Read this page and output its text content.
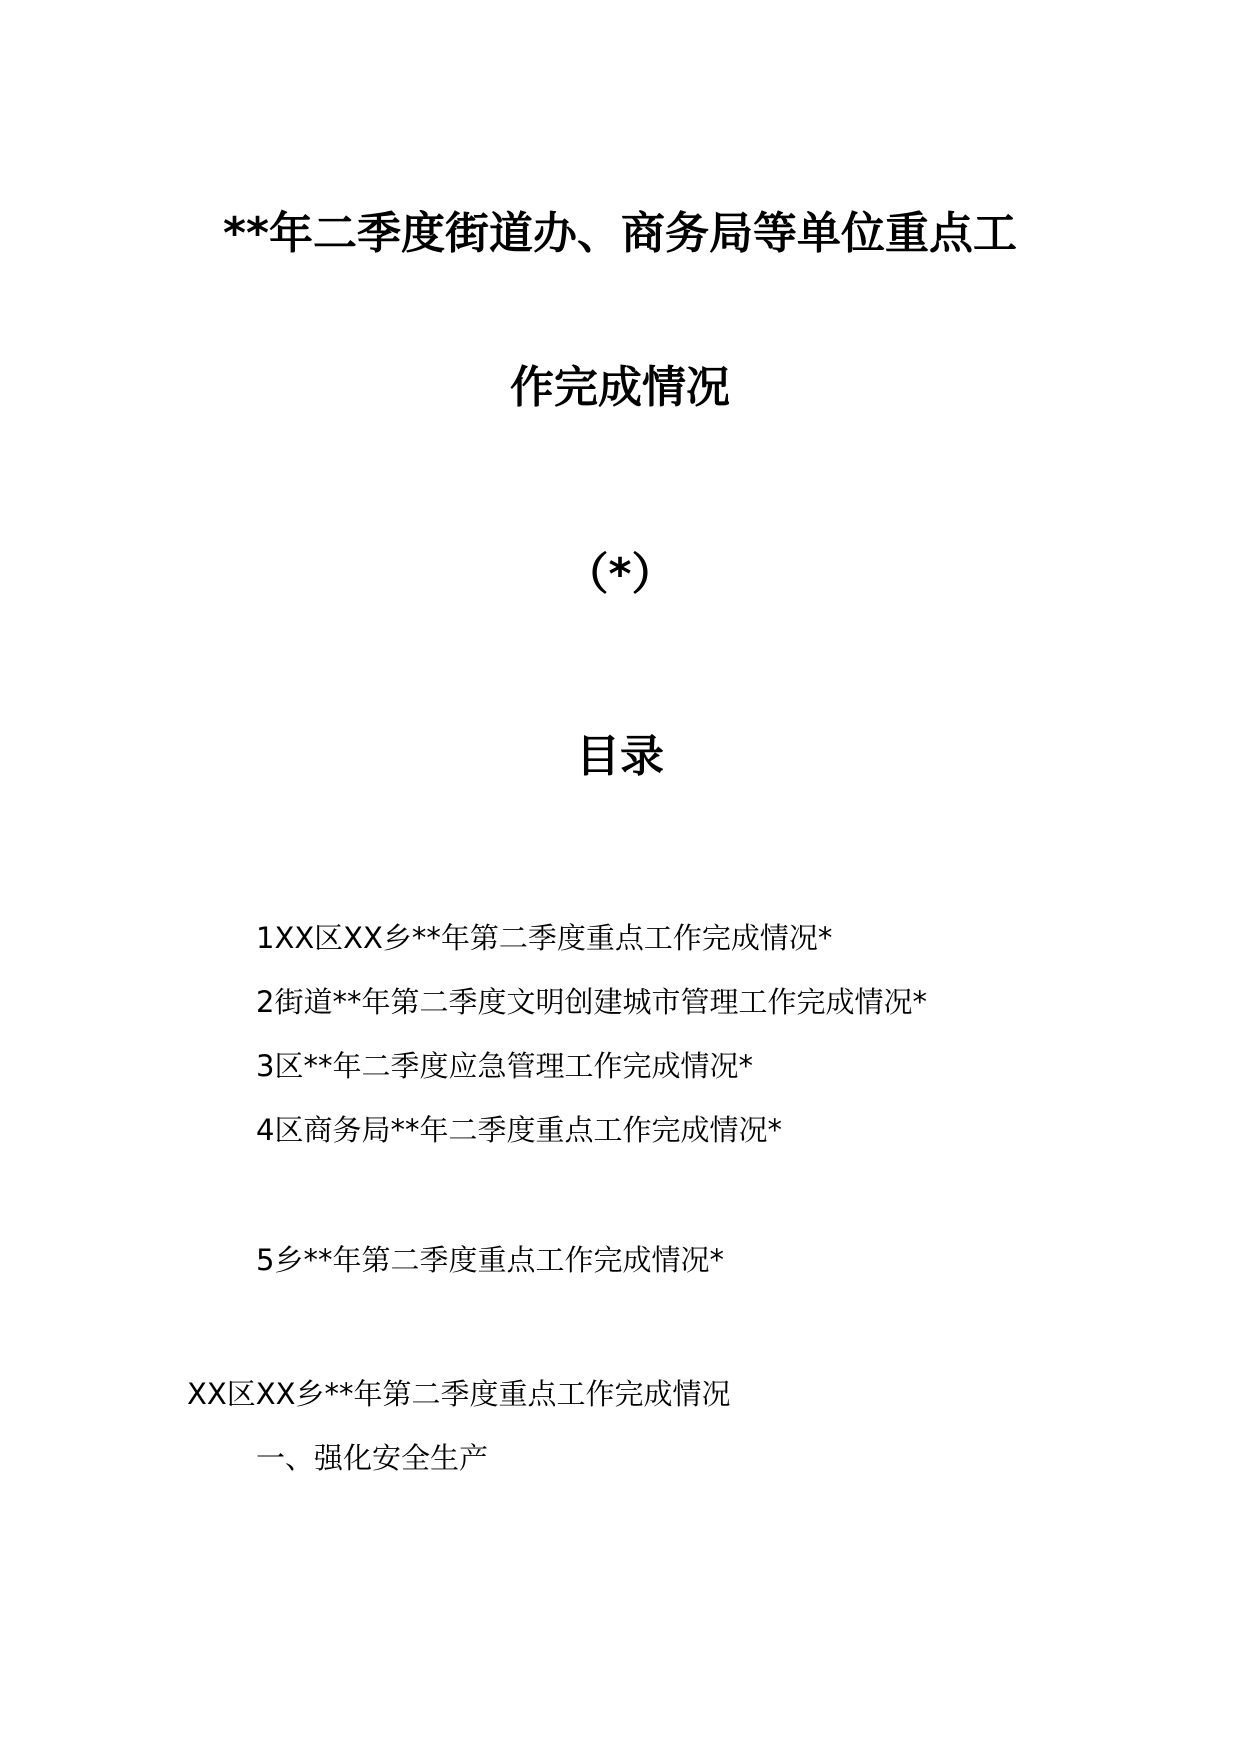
**年二季度街道办、商务局等单位重点工
作完成情况
（*）
目录
1XX区XX乡**年第二季度重点工作完成情况*
2街道**年第二季度文明创建城市管理工作完成情况*
3区**年二季度应急管理工作完成情况*
4区商务局**年二季度重点工作完成情况*
5乡**年第二季度重点工作完成情况*
XX区XX乡**年第二季度重点工作完成情况
一、强化安全生产
